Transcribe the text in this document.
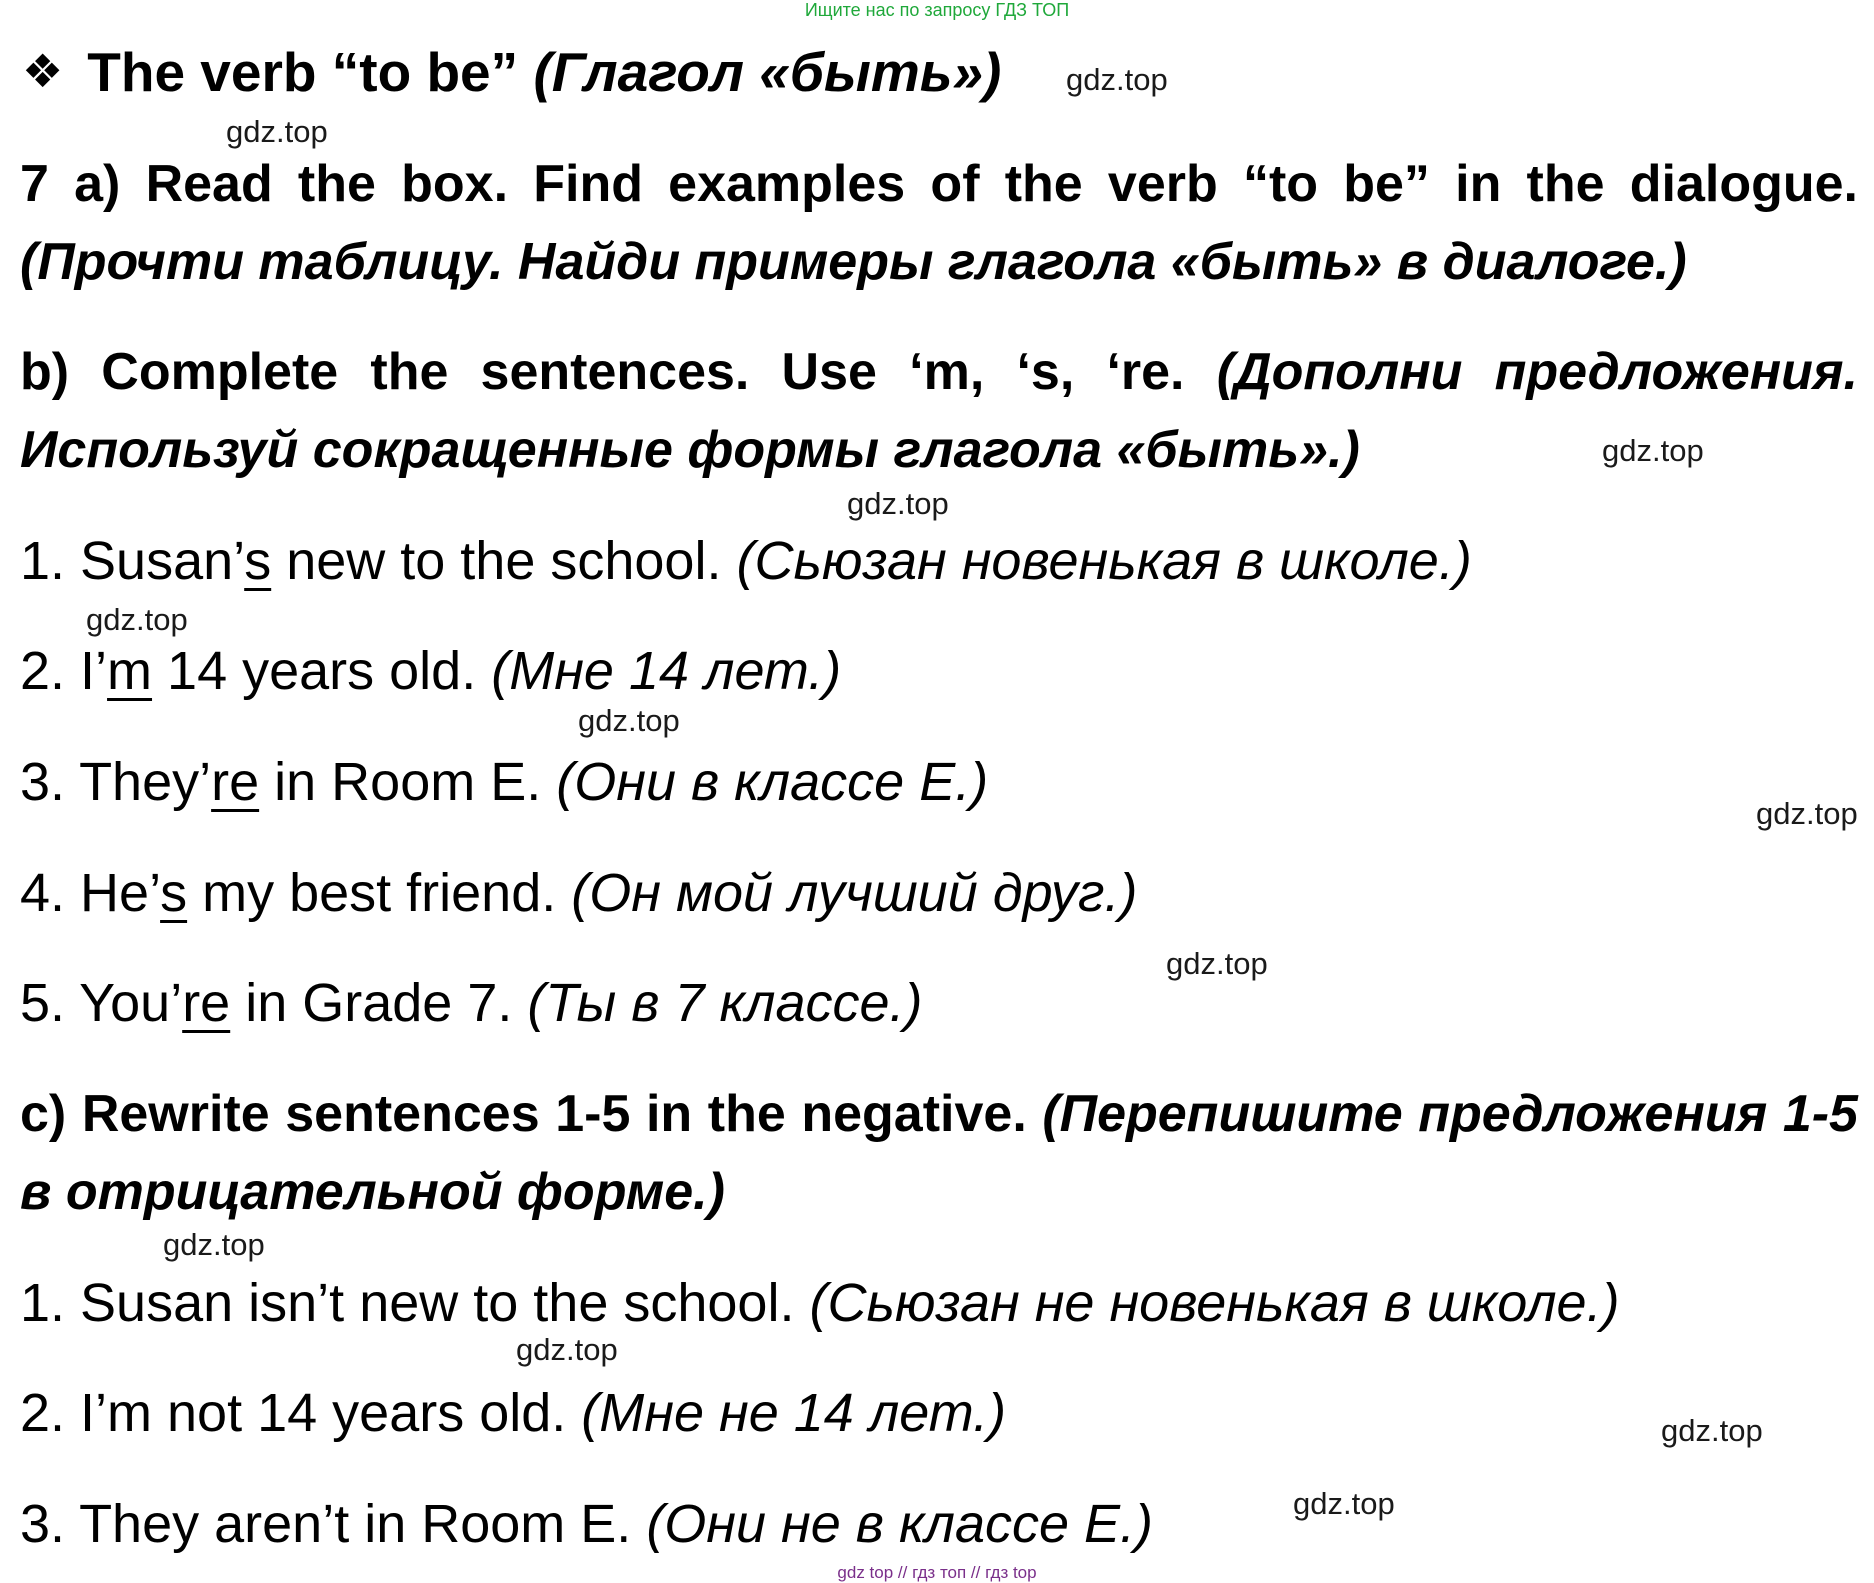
Ищите нас по запросу ГДЗ ТОП
❖ The verb “to be” (Глагол «быть»)
7 a) Read the box. Find examples of the verb “to be” in the dialogue.
(Прочти таблицу. Найди примеры глагола «быть» в диалоге.)
b) Complete the sentences. Use ‘m, ‘s, ‘re. (Дополни предложения.
Используй сокращенные формы глагола «быть».)
1. Susan’s new to the school. (Сьюзан новенькая в школе.)
2. I’m 14 years old. (Мне 14 лет.)
3. They’re in Room E. (Они в классе E.)
4. He’s my best friend. (Он мой лучший друг.)
5. You’re in Grade 7. (Ты в 7 классе.)
c) Rewrite sentences 1-5 in the negative. (Перепишите предложения 1-5
в отрицательной форме.)
1. Susan isn’t new to the school. (Сьюзан не новенькая в школе.)
2. I’m not 14 years old. (Мне не 14 лет.)
3. They aren’t in Room E. (Они не в классе E.)
gdz.top
gdz.top
gdz.top
gdz.top
gdz.top
gdz.top
gdz.top
gdz.top
gdz.top
gdz.top
gdz.top
gdz.top
gdz top // гдз топ // гдз top
